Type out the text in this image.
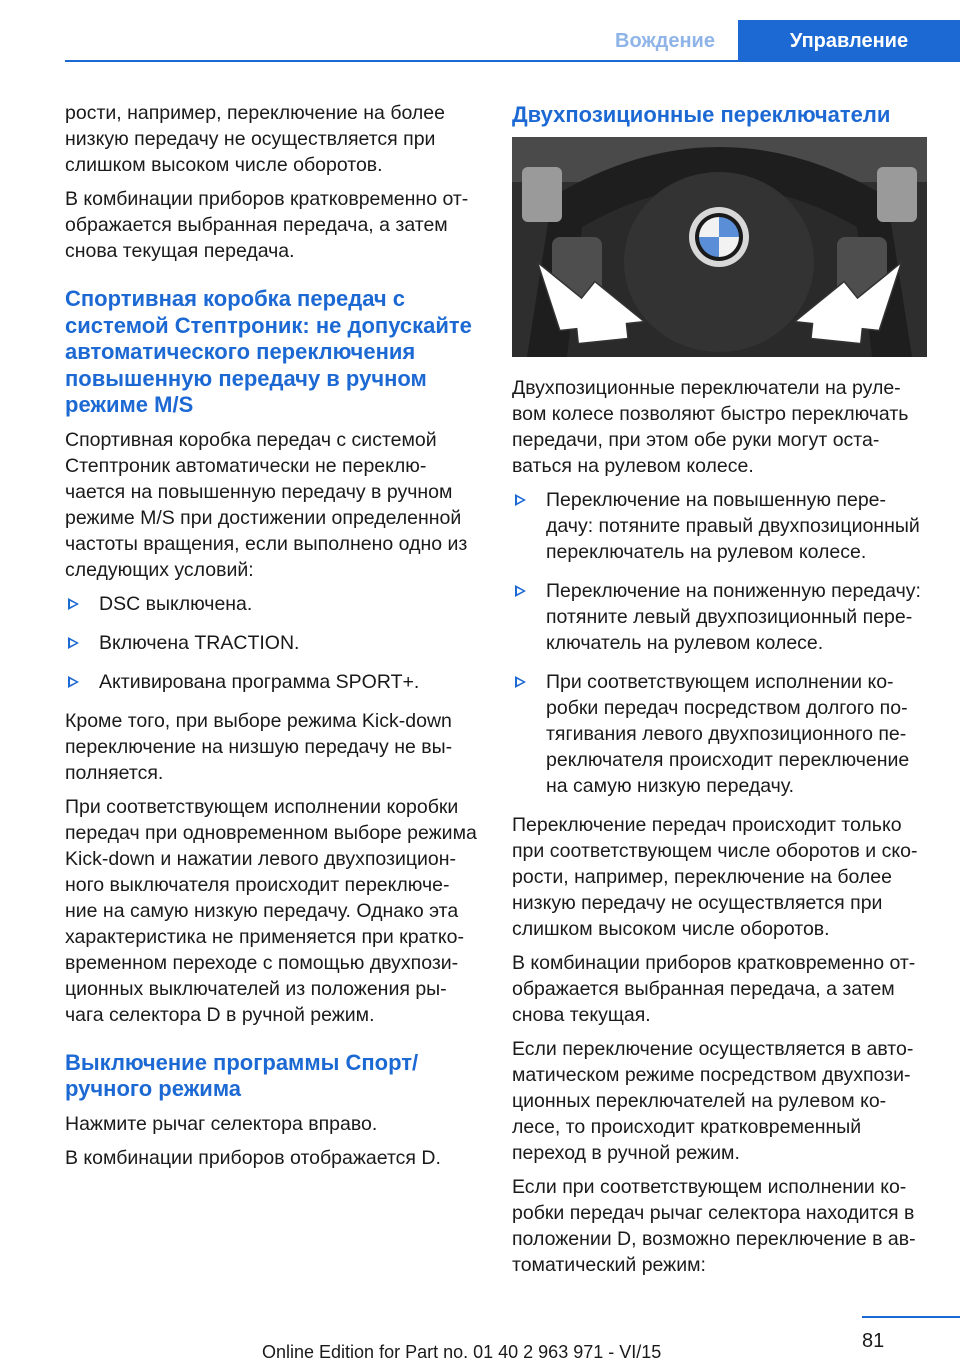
Вождение	Управление

рости, например, переключение на более низкую передачу не осуществляется при слишком высоком числе оборотов.

В комбинации приборов кратковременно от‐ображается выбранная передача, а затем снова текущая передача.

Спортивная коробка передач с системой Стептроник: не допускайте автоматического переключения повышенную передачу в ручном режиме M/S

Спортивная коробка передач с системой Стептроник автоматически не переклю‐чается на повышенную передачу в ручном режиме M/S при достижении определенной частоты вращения, если выполнено одно из следующих условий:

DSC выключена.
Включена TRACTION.
Активирована программа SPORT+.

Кроме того, при выборе режима Kick-down переключение на низшую передачу не вы‐полняется.

При соответствующем исполнении коробки передач при одновременном выборе режима Kick-down и нажатии левого двухпозицион‐ного выключателя происходит переключе‐ние на самую низкую передачу. Однако эта характеристика не применяется при кратко‐временном переходе с помощью двухпози‐ционных выключателей из положения ры‐чага селектора D в ручной режим.

Выключение программы Спорт/ ручного режима

Нажмите рычаг селектора вправо.

В комбинации приборов отображается D.

Двухпозиционные переключатели

Двухпозиционные переключатели на руле‐вом колесе позволяют быстро переключать передачи, при этом обе руки могут оста‐ваться на рулевом колесе.

Переключение на повышенную пере‐дачу: потяните правый двухпозиционный переключатель на рулевом колесе.
Переключение на пониженную передачу: потяните левый двухпозиционный пере‐ключатель на рулевом колесе.
При соответствующем исполнении ко‐робки передач посредством долгого по‐тягивания левого двухпозиционного пе‐реключателя происходит переключение на самую низкую передачу.

Переключение передач происходит только при соответствующем числе оборотов и ско‐рости, например, переключение на более низкую передачу не осуществляется при слишком высоком числе оборотов.

В комбинации приборов кратковременно от‐ображается выбранная передача, а затем снова текущая.

Если переключение осуществляется в авто‐матическом режиме посредством двухпози‐ционных переключателей на рулевом ко‐лесе, то происходит кратковременный переход в ручной режим.

Если при соответствующем исполнении ко‐робки передач рычаг селектора находится в положении D, возможно переключение в ав‐томатический режим:

81
Online Edition for Part no. 01 40 2 963 971 - VI/15
